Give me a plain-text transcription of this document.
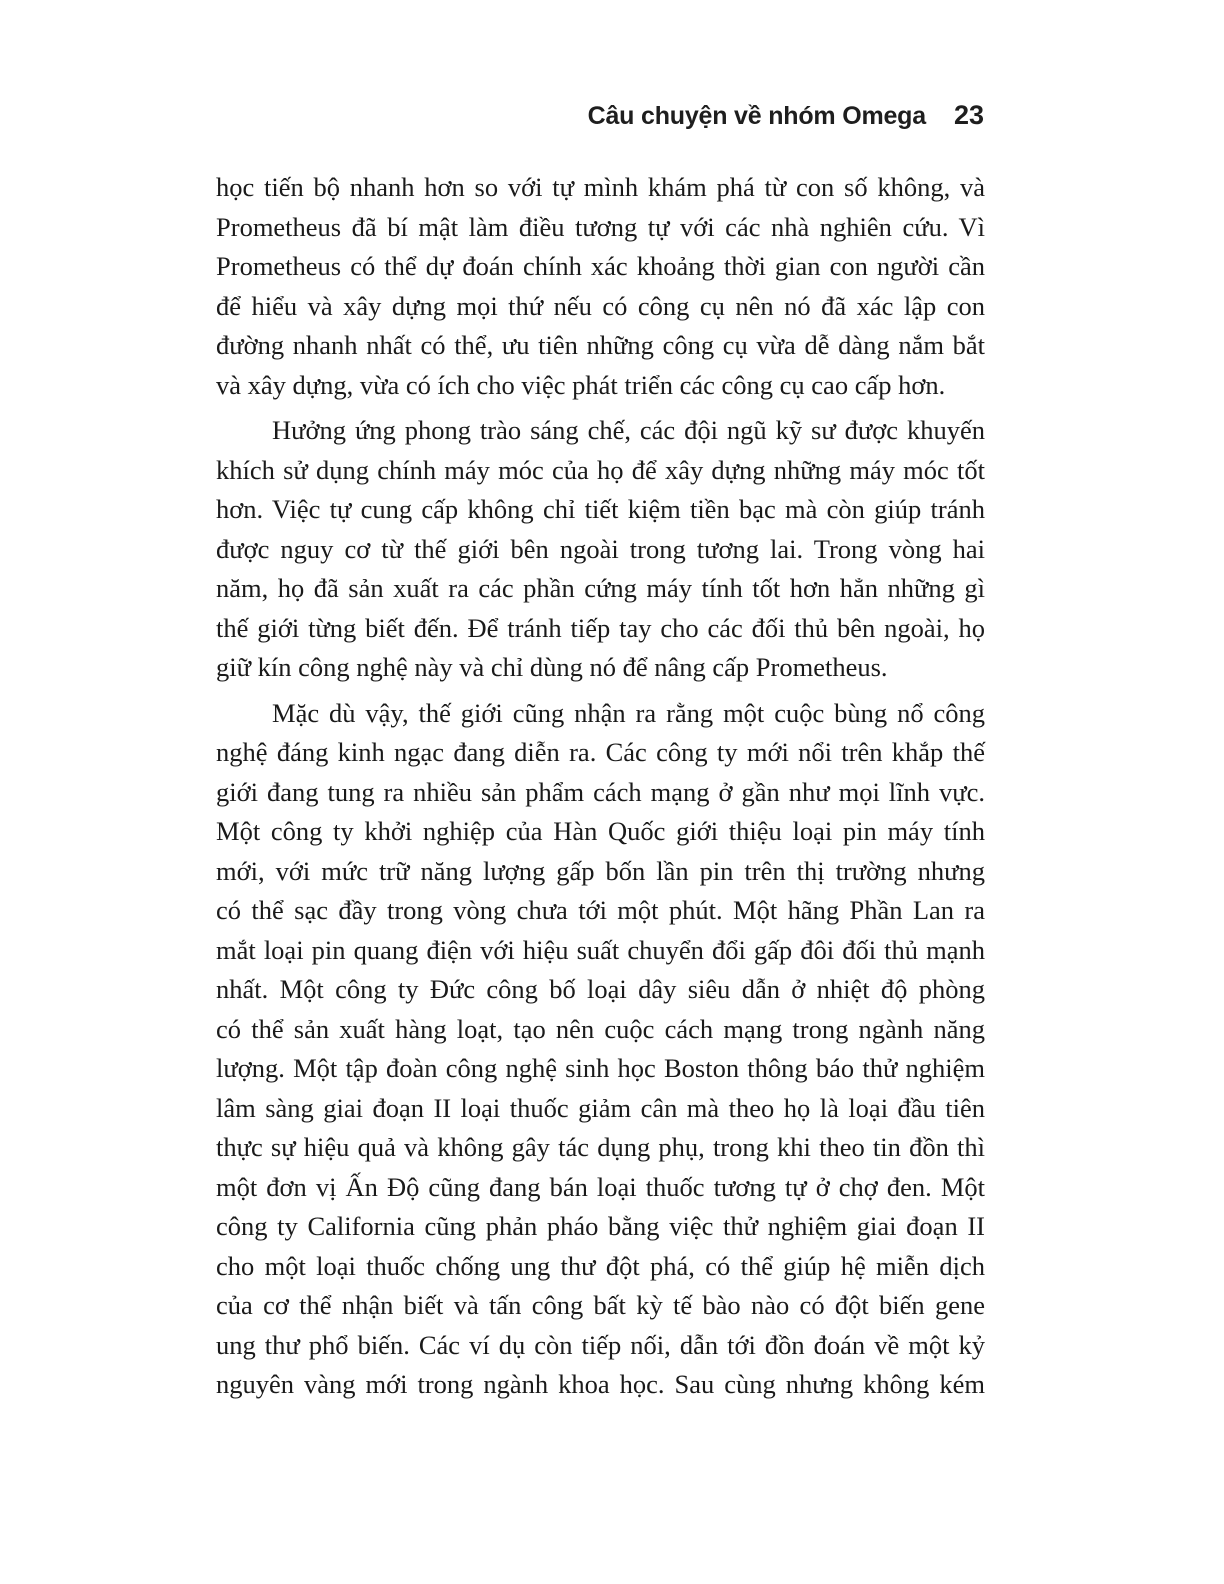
Câu chuyện về nhóm Omega 23
học tiến bộ nhanh hơn so với tự mình khám phá từ con số không, và
Prometheus đã bí mật làm điều tương tự với các nhà nghiên cứu. Vì
Prometheus có thể dự đoán chính xác khoảng thời gian con người cần
để hiểu và xây dựng mọi thứ nếu có công cụ nên nó đã xác lập con
đường nhanh nhất có thể, ưu tiên những công cụ vừa dễ dàng nắm bắt
và xây dựng, vừa có ích cho việc phát triển các công cụ cao cấp hơn.
Hưởng ứng phong trào sáng chế, các đội ngũ kỹ sư được khuyến
khích sử dụng chính máy móc của họ để xây dựng những máy móc tốt
hơn. Việc tự cung cấp không chỉ tiết kiệm tiền bạc mà còn giúp tránh
được nguy cơ từ thế giới bên ngoài trong tương lai. Trong vòng hai
năm, họ đã sản xuất ra các phần cứng máy tính tốt hơn hẳn những gì
thế giới từng biết đến. Để tránh tiếp tay cho các đối thủ bên ngoài, họ
giữ kín công nghệ này và chỉ dùng nó để nâng cấp Prometheus.
Mặc dù vậy, thế giới cũng nhận ra rằng một cuộc bùng nổ công
nghệ đáng kinh ngạc đang diễn ra. Các công ty mới nổi trên khắp thế
giới đang tung ra nhiều sản phẩm cách mạng ở gần như mọi lĩnh vực.
Một công ty khởi nghiệp của Hàn Quốc giới thiệu loại pin máy tính
mới, với mức trữ năng lượng gấp bốn lần pin trên thị trường nhưng
có thể sạc đầy trong vòng chưa tới một phút. Một hãng Phần Lan ra
mắt loại pin quang điện với hiệu suất chuyển đổi gấp đôi đối thủ mạnh
nhất. Một công ty Đức công bố loại dây siêu dẫn ở nhiệt độ phòng
có thể sản xuất hàng loạt, tạo nên cuộc cách mạng trong ngành năng
lượng. Một tập đoàn công nghệ sinh học Boston thông báo thử nghiệm
lâm sàng giai đoạn II loại thuốc giảm cân mà theo họ là loại đầu tiên
thực sự hiệu quả và không gây tác dụng phụ, trong khi theo tin đồn thì
một đơn vị Ấn Độ cũng đang bán loại thuốc tương tự ở chợ đen. Một
công ty California cũng phản pháo bằng việc thử nghiệm giai đoạn II
cho một loại thuốc chống ung thư đột phá, có thể giúp hệ miễn dịch
của cơ thể nhận biết và tấn công bất kỳ tế bào nào có đột biến gene
ung thư phổ biến. Các ví dụ còn tiếp nối, dẫn tới đồn đoán về một kỷ
nguyên vàng mới trong ngành khoa học. Sau cùng nhưng không kém
